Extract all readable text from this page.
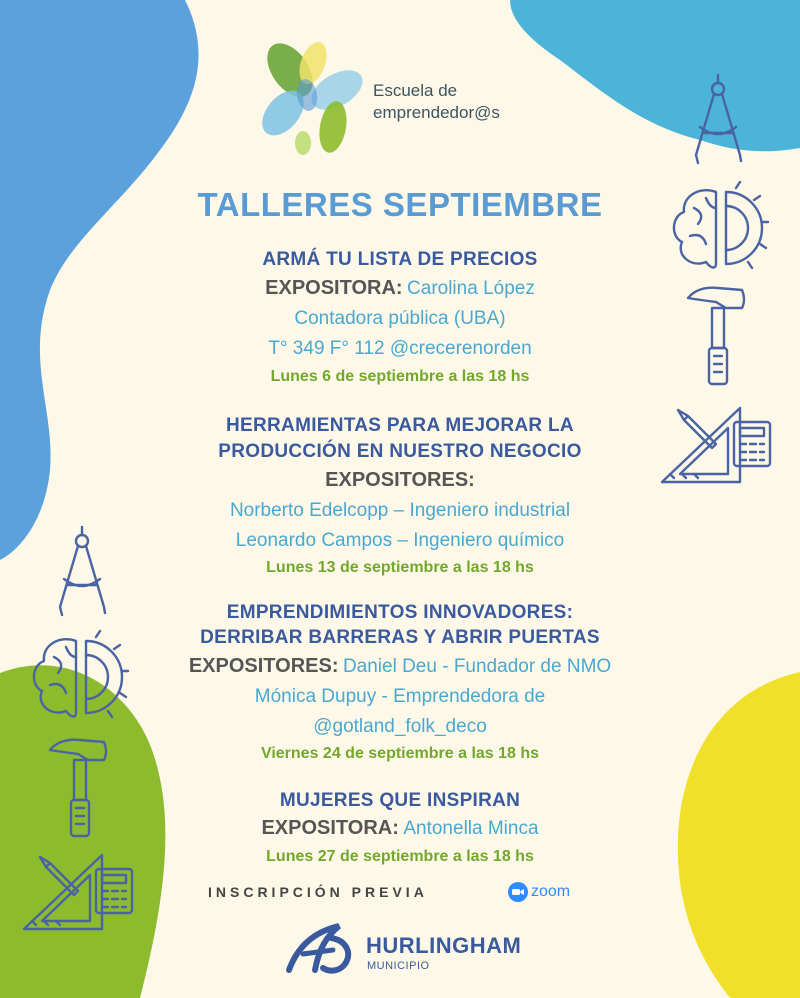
Escuela de
emprendedor@s
TALLERES SEPTIEMBRE
ARMÁ TU LISTA DE PRECIOS
EXPOSITORA: Carolina López
Contadora pública (UBA)
T° 349 F° 112 @crecerenorden
Lunes 6 de septiembre a las 18 hs
HERRAMIENTAS PARA MEJORAR LA
PRODUCCIÓN EN NUESTRO NEGOCIO
EXPOSITORES:
Norberto Edelcopp – Ingeniero industrial
Leonardo Campos – Ingeniero químico
Lunes 13 de septiembre a las 18 hs
EMPRENDIMIENTOS INNOVADORES:
DERRIBAR BARRERAS Y ABRIR PUERTAS
EXPOSITORES: Daniel Deu - Fundador de NMO
Mónica Dupuy - Emprendedora de
@gotland_folk_deco
Viernes 24 de septiembre a las 18 hs
MUJERES QUE INSPIRAN
EXPOSITORA: Antonella Minca
Lunes 27 de septiembre a las 18 hs
INSCRIPCIÓN PREVIA	zoom
HURLINGHAM
MUNICIPIO
